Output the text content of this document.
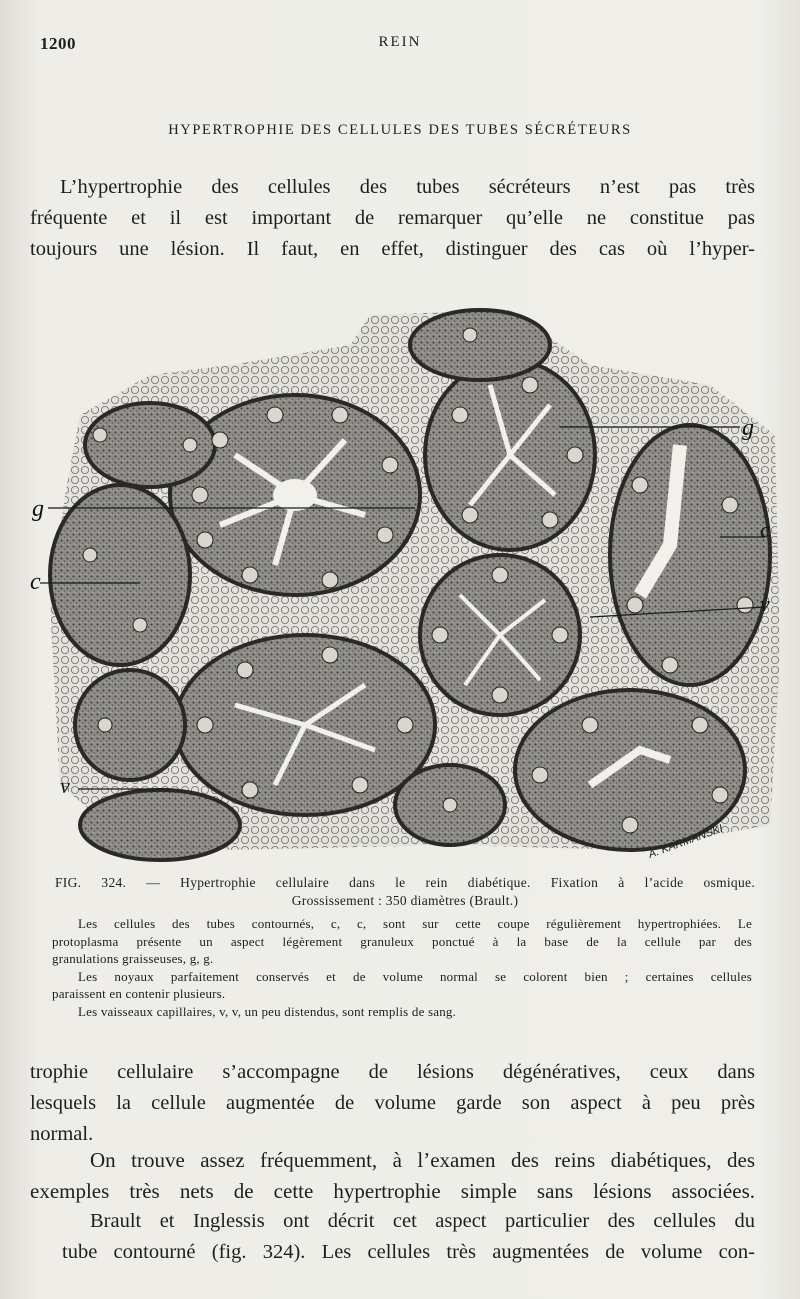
1200	REIN
HYPERTROPHIE DES CELLULES DES TUBES SÉCRÉTEURS

L’hypertrophie des cellules des tubes sécréteurs n’est pas très
fréquente et il est important de remarquer qu’elle ne constitue pas
toujours une lésion. Il faut, en effet, distinguer des cas où l’hyper-

g
g
c
c
v
v
A. KARMANSKI
FIG. 324. — Hypertrophie cellulaire dans le rein diabétique. Fixation à l’acide osmique.
Grossissement : 350 diamètres (Brault.)
Les cellules des tubes contournés, c, c, sont sur cette coupe régulièrement hypertrophiées. Le
protoplasma présente un aspect légèrement granuleux ponctué à la base de la cellule par des
granulations graisseuses, g, g.
Les noyaux parfaitement conservés et de volume normal se colorent bien ; certaines cellules
paraissent en contenir plusieurs.
Les vaisseaux capillaires, v, v, un peu distendus, sont remplis de sang.

trophie cellulaire s’accompagne de lésions dégénératives, ceux dans
lesquels la cellule augmentée de volume garde son aspect à peu près
normal.

On trouve assez fréquemment, à l’examen des reins diabétiques, des
exemples très nets de cette hypertrophie simple sans lésions associées.

Brault et Inglessis ont décrit cet aspect particulier des cellules du
tube contourné (fig. 324). Les cellules très augmentées de volume con-
